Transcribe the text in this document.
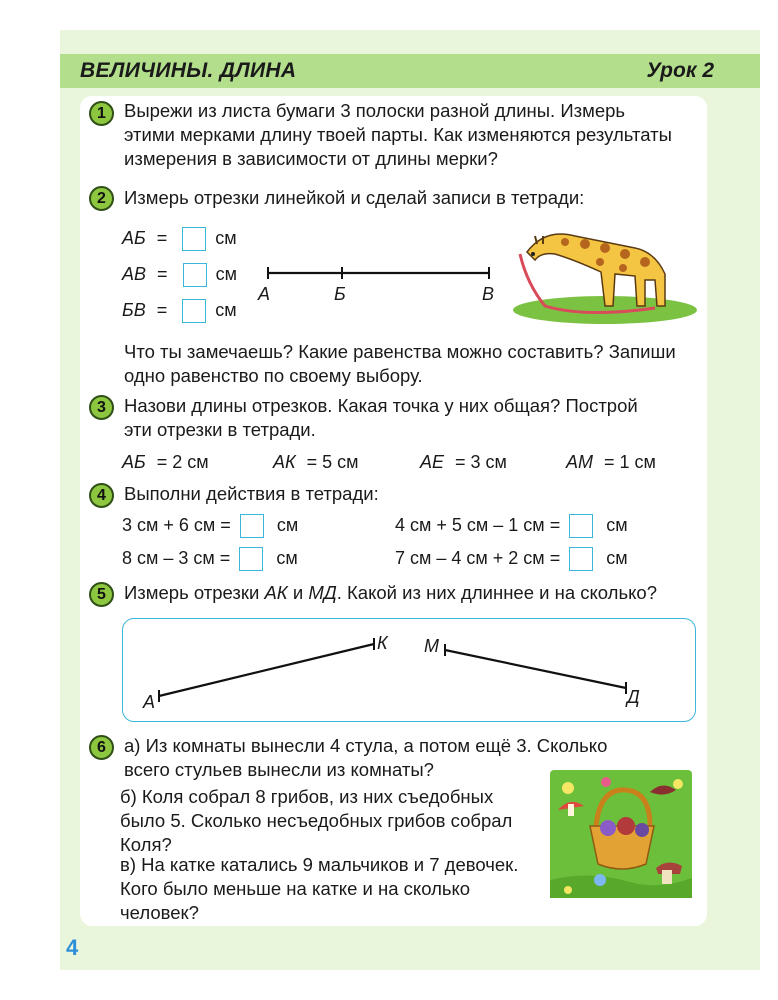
ВЕЛИЧИНЫ. ДЛИНА	Урок 2
1 Вырежи из листа бумаги 3 полоски разной длины. Измерь
этими мерками длину твоей парты. Как изменяются результаты
измерения в зависимости от длины мерки?
2 Измерь отрезки линейкой и сделай записи в тетради:
АБ =	см
АВ =	см
БВ =	см
А	Б	В
Что ты замечаешь? Какие равенства можно составить? Запиши
одно равенство по своему выбору.
3 Назови длины отрезков. Какая точка у них общая? Построй
эти отрезки в тетради.
АБ = 2 см	АК = 5 см	АЕ = 3 см	АМ = 1 см
4 Выполни действия в тетради:
3 см + 6 см =	см	4 см + 5 см – 1 см =	см
8 см – 3 см =	см	7 см – 4 см + 2 см =	см
5 Измерь отрезки АК и МД. Какой из них длиннее и на сколько?
А
К М
Д
6 а) Из комнаты вынесли 4 стула, а потом ещё 3. Сколько
всего стульев вынесли из комнаты?
б) Коля собрал 8 грибов, из них съедобных
было 5. Сколько несъедобных грибов собрал
Коля?
в) На катке катались 9 мальчиков и 7 девочек.
Кого было меньше на катке и на сколько
человек?
4
